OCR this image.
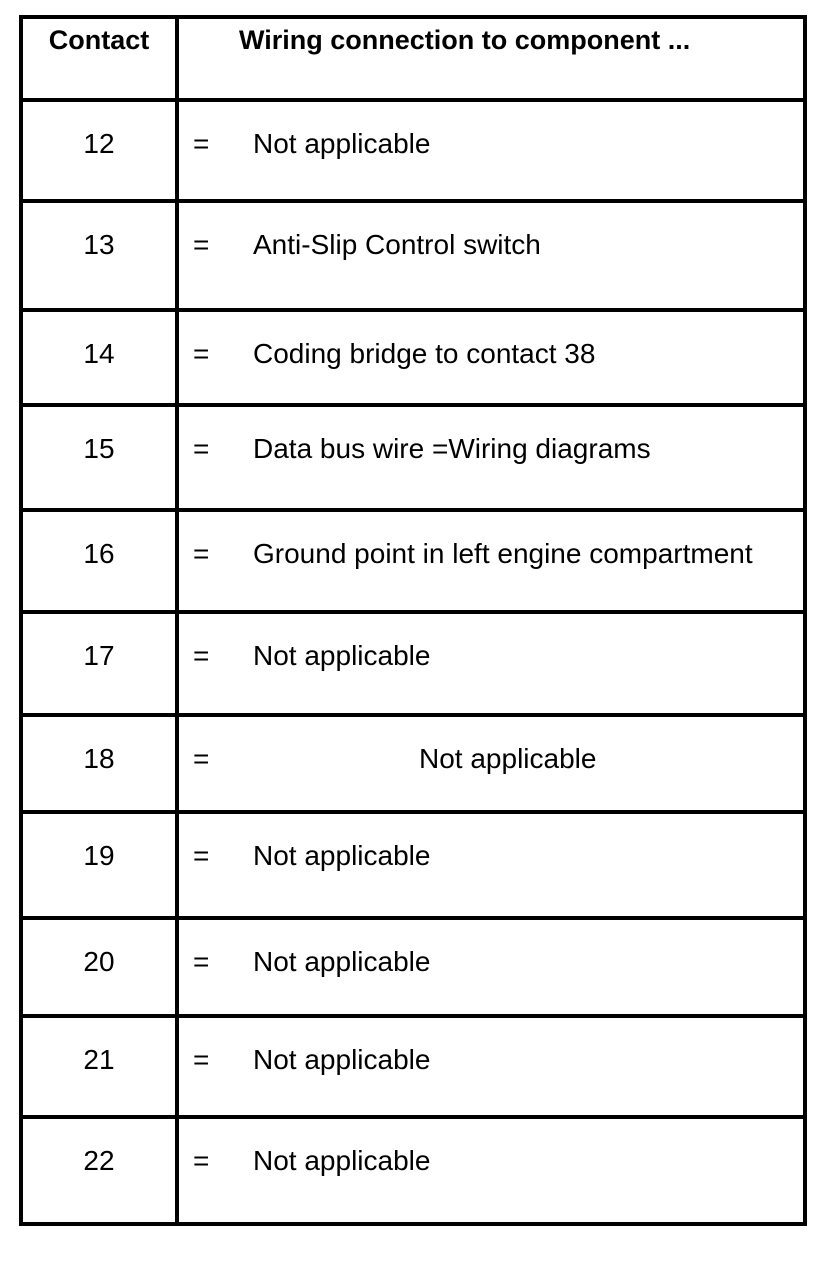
Contact	Wiring connection to component ...
12	= Not applicable
13	= Anti-Slip Control switch
14	= Coding bridge to contact 38
15	= Data bus wire =Wiring diagrams
16	= Ground point in left engine compartment
17	= Not applicable
18	=	Not applicable
19	= Not applicable
20	= Not applicable
21	= Not applicable
22	= Not applicable
